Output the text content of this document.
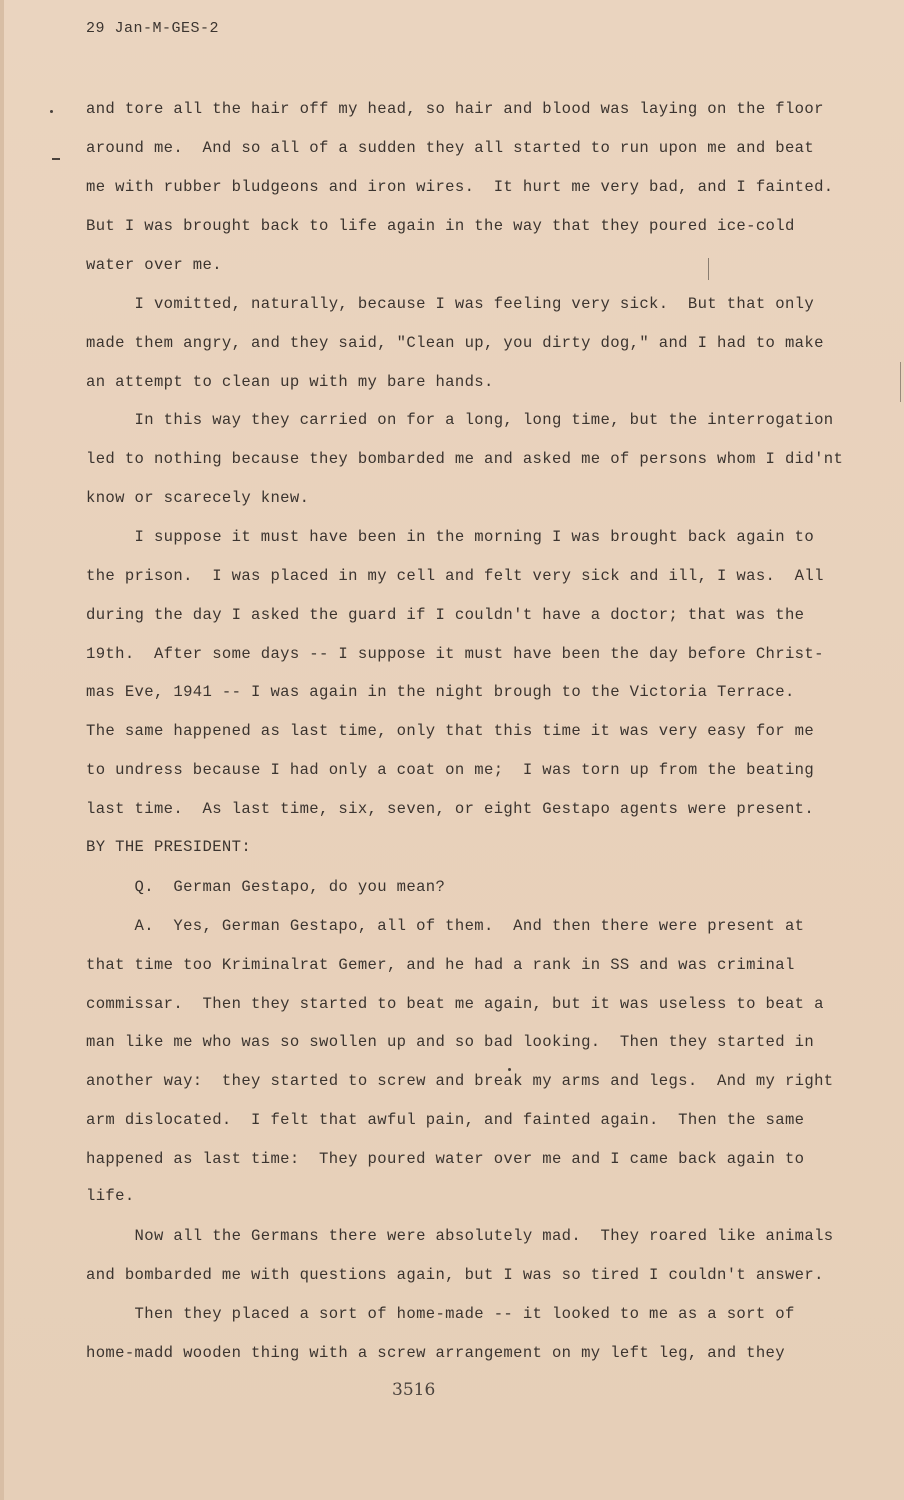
29 Jan-M-GES-2
and tore all the hair off my head, so hair and blood was laying on the floor
around me.  And so all of a sudden they all started to run upon me and beat
me with rubber bludgeons and iron wires.  It hurt me very bad, and I fainted.
But I was brought back to life again in the way that they poured ice-cold
water over me.
I vomitted, naturally, because I was feeling very sick.  But that only
made them angry, and they said, "Clean up, you dirty dog," and I had to make
an attempt to clean up with my bare hands.
In this way they carried on for a long, long time, but the interrogation
led to nothing because they bombarded me and asked me of persons whom I did'nt
know or scarecely knew.
I suppose it must have been in the morning I was brought back again to
the prison.  I was placed in my cell and felt very sick and ill, I was.  All
during the day I asked the guard if I couldn't have a doctor; that was the
19th.  After some days -- I suppose it must have been the day before Christ-
mas Eve, 1941 -- I was again in the night brough to the Victoria Terrace.
The same happened as last time, only that this time it was very easy for me
to undress because I had only a coat on me;  I was torn up from the beating
last time.  As last time, six, seven, or eight Gestapo agents were present.
BY THE PRESIDENT:
Q.  German Gestapo, do you mean?
A.  Yes, German Gestapo, all of them.  And then there were present at
that time too Kriminalrat Gemer, and he had a rank in SS and was criminal
commissar.  Then they started to beat me again, but it was useless to beat a
man like me who was so swollen up and so bad looking.  Then they started in
another way:  they started to screw and break my arms and legs.  And my right
arm dislocated.  I felt that awful pain, and fainted again.  Then the same
happened as last time:  They poured water over me and I came back again to
life.
Now all the Germans there were absolutely mad.  They roared like animals
and bombarded me with questions again, but I was so tired I couldn't answer.
Then they placed a sort of home-made -- it looked to me as a sort of
home-madd wooden thing with a screw arrangement on my left leg, and they
3516
